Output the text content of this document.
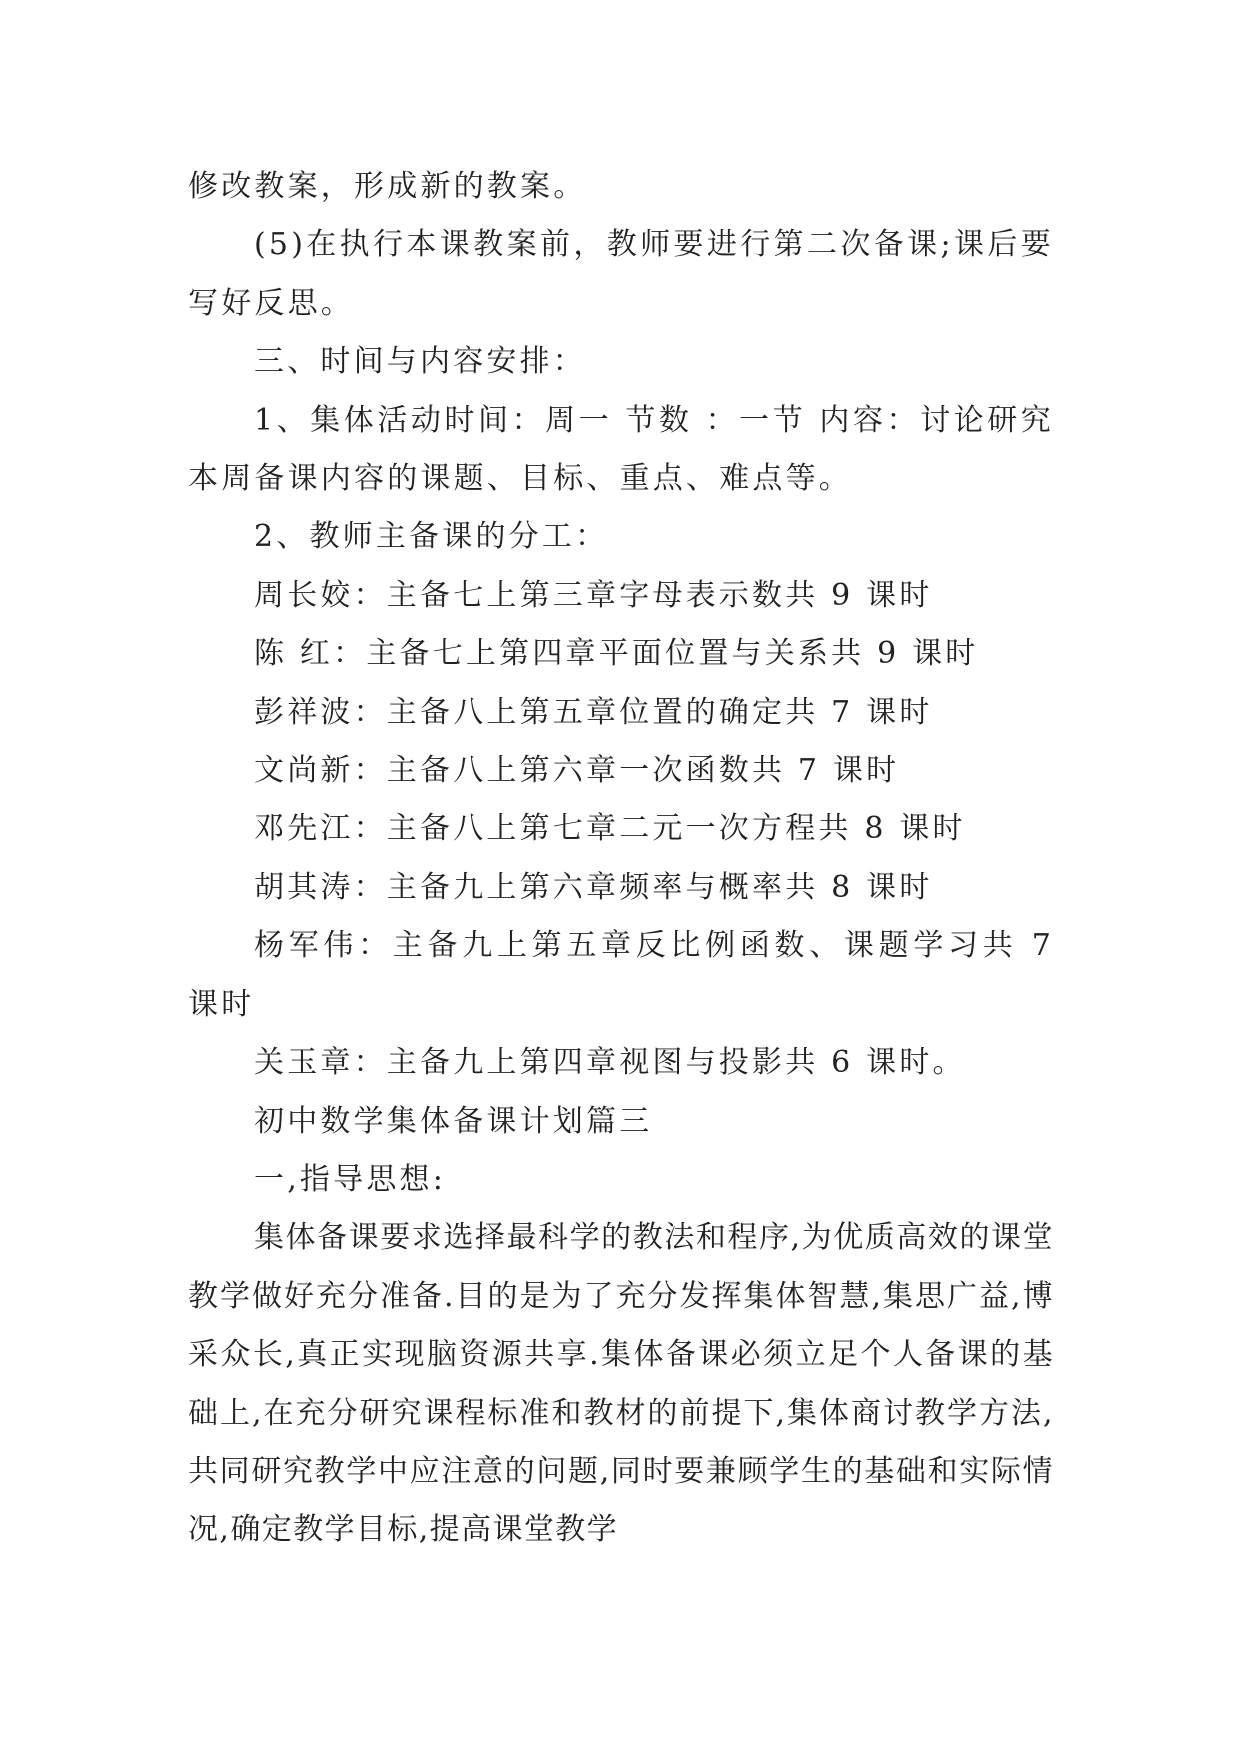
修改教案，形成新的教案。

(5)在执行本课教案前，教师要进行第二次备课;课后要写好反思。

三、时间与内容安排：

1、集体活动时间：周一 节数 ：一节 内容：讨论研究本周备课内容的课题、目标、重点、难点等。

2、教师主备课的分工：

周长姣：主备七上第三章字母表示数共 9 课时

陈 红：主备七上第四章平面位置与关系共 9 课时

彭祥波：主备八上第五章位置的确定共 7 课时

文尚新：主备八上第六章一次函数共 7 课时

邓先江：主备八上第七章二元一次方程共 8 课时

胡其涛：主备九上第六章频率与概率共 8 课时

杨军伟：主备九上第五章反比例函数、课题学习共 7 课时

关玉章：主备九上第四章视图与投影共 6 课时。

初中数学集体备课计划篇三

一,指导思想:

集体备课要求选择最科学的教法和程序,为优质高效的课堂教学做好充分准备.目的是为了充分发挥集体智慧,集思广益,博采众长,真正实现脑资源共享.集体备课必须立足个人备课的基础上,在充分研究课程标准和教材的前提下,集体商讨教学方法,共同研究教学中应注意的问题,同时要兼顾学生的基础和实际情况,确定教学目标,提高课堂教学
